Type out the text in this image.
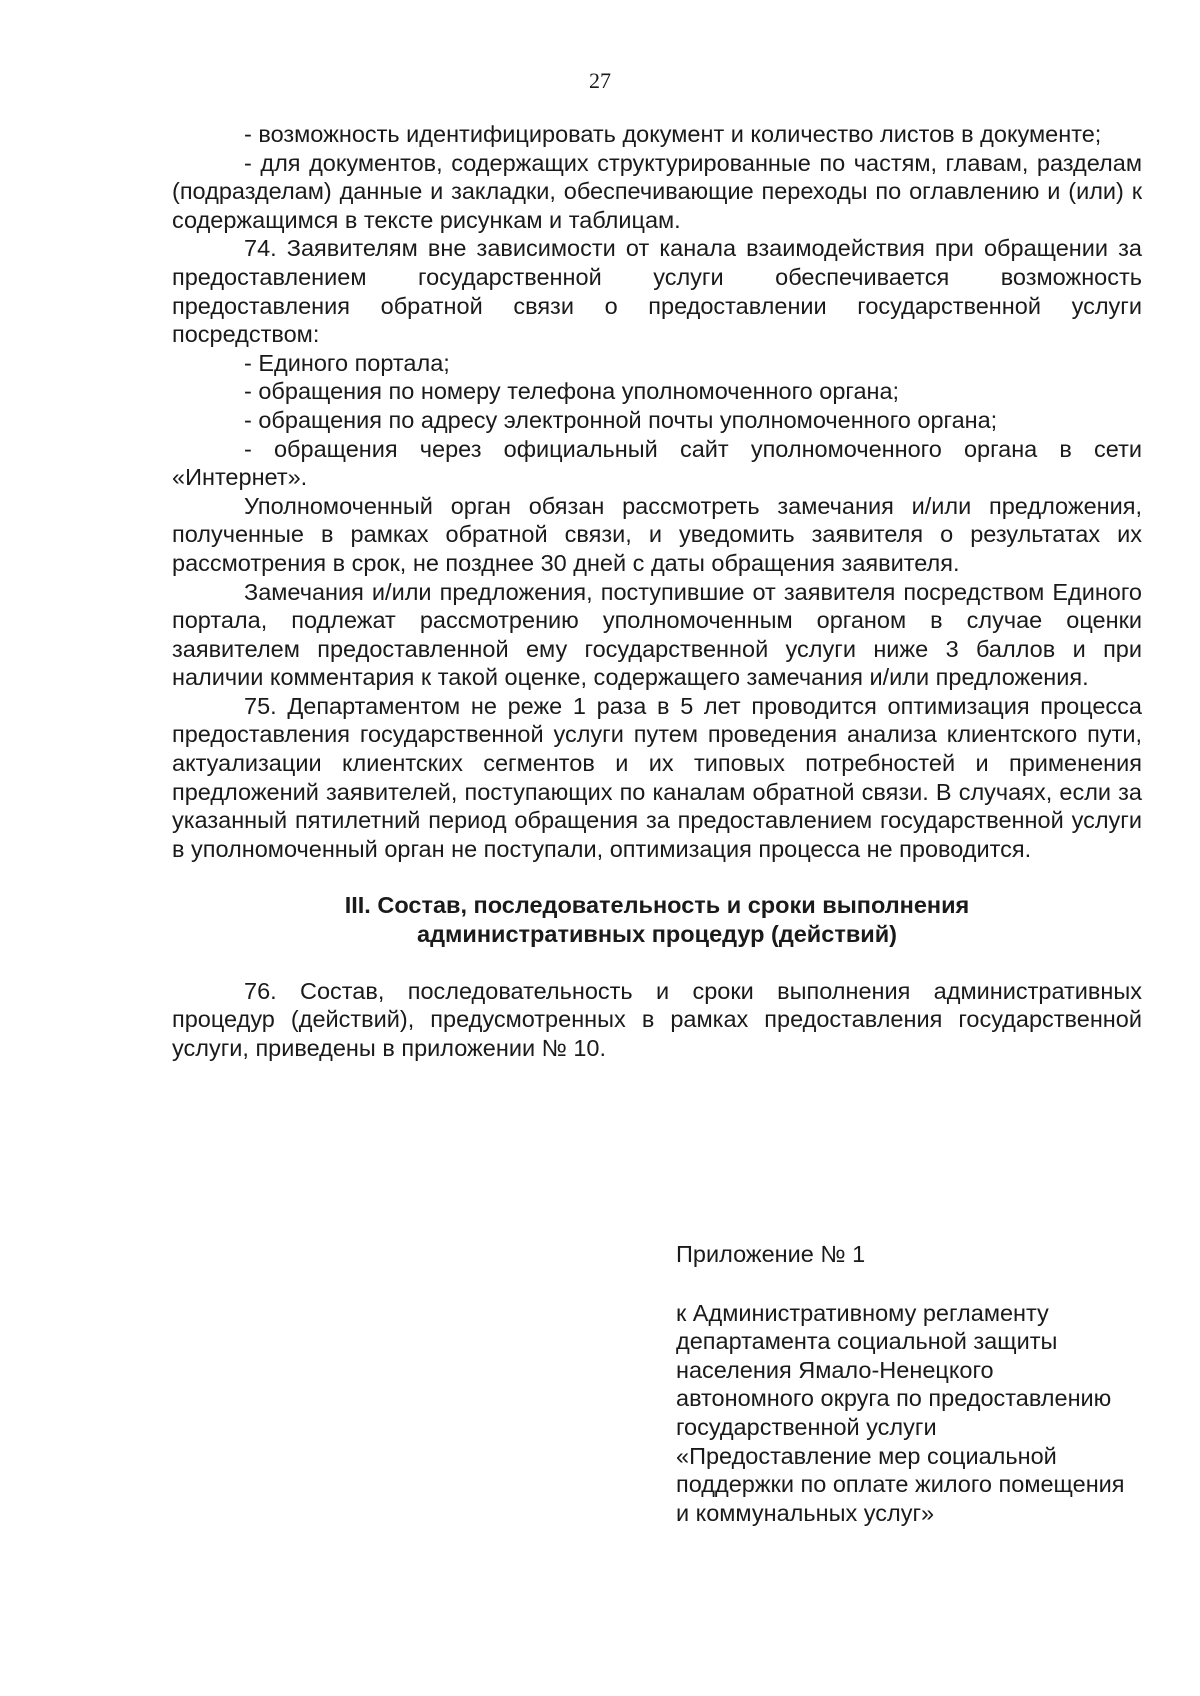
27

- возможность идентифицировать документ и количество листов в документе;

- для документов, содержащих структурированные по частям, главам, разделам (подразделам) данные и закладки, обеспечивающие переходы по оглавлению и (или) к содержащимся в тексте рисункам и таблицам.

74. Заявителям вне зависимости от канала взаимодействия при обращении за предоставлением государственной услуги обеспечивается возможность предоставления обратной связи о предоставлении государственной услуги посредством:

- Единого портала;

- обращения по номеру телефона уполномоченного органа;

- обращения по адресу электронной почты уполномоченного органа;

- обращения через официальный сайт уполномоченного органа в сети «Интернет».

Уполномоченный орган обязан рассмотреть замечания и/или предложения, полученные в рамках обратной связи, и уведомить заявителя о результатах их рассмотрения в срок, не позднее 30 дней с даты обращения заявителя.

Замечания и/или предложения, поступившие от заявителя посредством Единого портала, подлежат рассмотрению уполномоченным органом в случае оценки заявителем предоставленной ему государственной услуги ниже 3 баллов и при наличии комментария к такой оценке, содержащего замечания и/или предложения.

75. Департаментом не реже 1 раза в 5 лет проводится оптимизация процесса предоставления государственной услуги путем проведения анализа клиентского пути, актуализации клиентских сегментов и их типовых потребностей и применения предложений заявителей, поступающих по каналам обратной связи. В случаях, если за указанный пятилетний период обращения за предоставлением государственной услуги в уполномоченный орган не поступали, оптимизация процесса не проводится.

III. Состав, последовательность и сроки выполнения
административных процедур (действий)

76. Состав, последовательность и сроки выполнения административных процедур (действий), предусмотренных в рамках предоставления государственной услуги, приведены в приложении № 10.

Приложение № 1

к Административному регламенту департамента социальной защиты населения Ямало-Ненецкого автономного округа по предоставлению государственной услуги «Предоставление мер социальной поддержки по оплате жилого помещения и коммунальных услуг»
